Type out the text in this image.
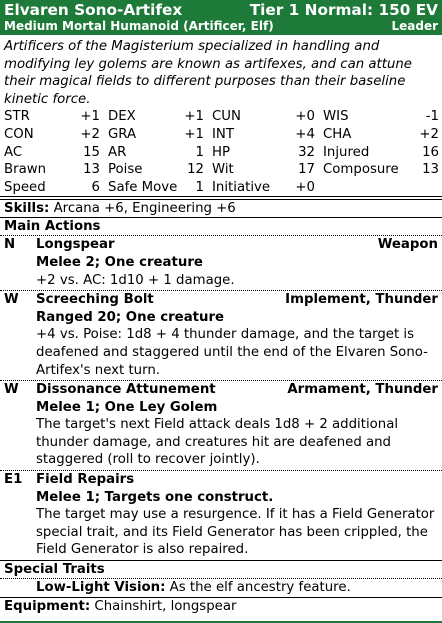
Elvaren Sono-Artifex	Tier 1 Normal: 150 EV
Medium Mortal Humanoid (Artificer, Elf)	Leader
Artificers of the Magisterium specialized in handling and modifying ley golems are known as artifexes, and can attune their magical fields to different purposes than their baseline kinetic force.
STR	+1 DEX	+1 CUN	+0 WIS	-1
CON	+2 GRA	+1 INT	+4 CHA	+2
AC	15 AR	1 HP	32 Injured	16
Brawn	13 Poise	12 Wit	17 Composure 13
Speed	6 Safe Move 1 Initiative +0
Skills: Arcana +6, Engineering +6
Main Actions
N	Longspear	Weapon
Melee 2; One creature
+2 vs. AC: 1d10 + 1 damage.
W	Screeching Bolt	Implement, Thunder
Ranged 20; One creature
+4 vs. Poise: 1d8 + 4 thunder damage, and the target is deafened and staggered until the end of the Elvaren Sono-Artifex's next turn.
W	Dissonance Attunement	Armament, Thunder
Melee 1; One Ley Golem
The target's next Field attack deals 1d8 + 2 additional thunder damage, and creatures hit are deafened and staggered (roll to recover jointly).
E1	Field Repairs
Melee 1; Targets one construct.
The target may use a resurgence. If it has a Field Generator special trait, and its Field Generator has been crippled, the Field Generator is also repaired.
Special Traits
Low-Light Vision: As the elf ancestry feature.
Equipment: Chainshirt, longspear
